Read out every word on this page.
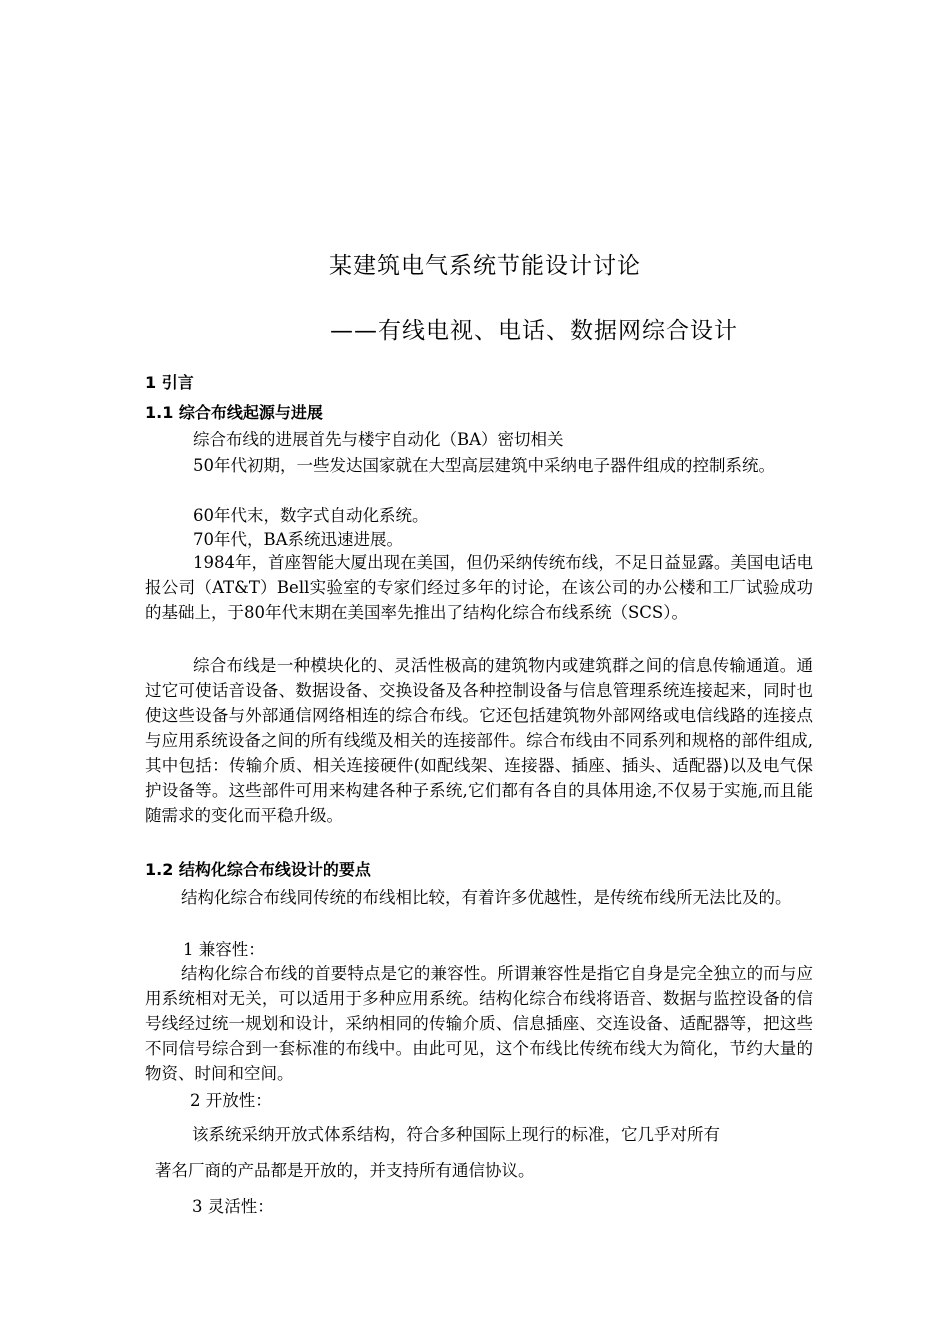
某建筑电气系统节能设计讨论
——有线电视、电话、数据网综合设计
1 引言
1.1 综合布线起源与进展
综合布线的进展首先与楼宇自动化（BA）密切相关
50年代初期，一些发达国家就在大型高层建筑中采纳电子器件组成的控制系统。
60年代末，数字式自动化系统。
70年代，BA系统迅速进展。
1984年，首座智能大厦出现在美国，但仍采纳传统布线，不足日益显露。美国电话电报公司（AT&T）Bell实验室的专家们经过多年的讨论，在该公司的办公楼和工厂试验成功的基础上，于80年代末期在美国率先推出了结构化综合布线系统（SCS）。
综合布线是一种模块化的、灵活性极高的建筑物内或建筑群之间的信息传输通道。通过它可使话音设备、数据设备、交换设备及各种控制设备与信息管理系统连接起来，同时也使这些设备与外部通信网络相连的综合布线。它还包括建筑物外部网络或电信线路的连接点与应用系统设备之间的所有线缆及相关的连接部件。综合布线由不同系列和规格的部件组成,其中包括：传输介质、相关连接硬件(如配线架、连接器、插座、插头、适配器)以及电气保护设备等。这些部件可用来构建各种子系统,它们都有各自的具体用途,不仅易于实施,而且能随需求的变化而平稳升级。
1.2 结构化综合布线设计的要点
结构化综合布线同传统的布线相比较，有着许多优越性，是传统布线所无法比及的。
1 兼容性：
结构化综合布线的首要特点是它的兼容性。所谓兼容性是指它自身是完全独立的而与应用系统相对无关，可以适用于多种应用系统。结构化综合布线将语音、数据与监控设备的信号线经过统一规划和设计，采纳相同的传输介质、信息插座、交连设备、适配器等，把这些不同信号综合到一套标准的布线中。由此可见，这个布线比传统布线大为简化，节约大量的物资、时间和空间。
2 开放性：
该系统采纳开放式体系结构，符合多种国际上现行的标准，它几乎对所有
著名厂商的产品都是开放的，并支持所有通信协议。
3 灵活性：
